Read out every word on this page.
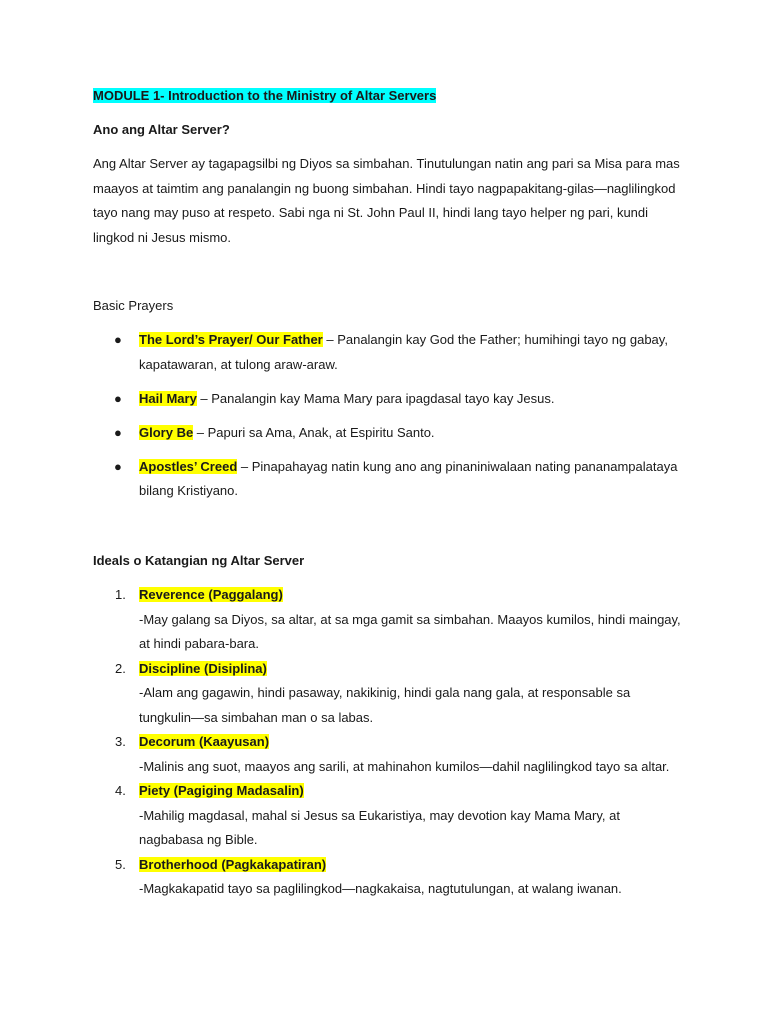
MODULE 1- Introduction to the Ministry of Altar Servers
Ano ang Altar Server?

Ang Altar Server ay tagapagsilbi ng Diyos sa simbahan. Tinutulungan natin ang pari sa Misa para mas maayos at taimtim ang panalangin ng buong simbahan. Hindi tayo nagpapakitang-gilas—naglilingkod tayo nang may puso at respeto. Sabi nga ni St. John Paul II, hindi lang tayo helper ng pari, kundi lingkod ni Jesus mismo.

Basic Prayers
● The Lord’s Prayer/ Our Father – Panalangin kay God the Father; humihingi tayo ng gabay, kapatawaran, at tulong araw-araw.
● Hail Mary – Panalangin kay Mama Mary para ipagdasal tayo kay Jesus.
● Glory Be – Papuri sa Ama, Anak, at Espiritu Santo.
● Apostles’ Creed – Pinapahayag natin kung ano ang pinaniniwalaan nating pananampalataya bilang Kristiyano.
Ideals o Katangian ng Altar Server
1. Reverence (Paggalang)
-May galang sa Diyos, sa altar, at sa mga gamit sa simbahan. Maayos kumilos, hindi maingay, at hindi pabara-bara.
2. Discipline (Disiplina)
-Alam ang gagawin, hindi pasaway, nakikinig, hindi gala nang gala, at responsable sa tungkulin—sa simbahan man o sa labas.
3. Decorum (Kaayusan)
-Malinis ang suot, maayos ang sarili, at mahinahon kumilos—dahil naglilingkod tayo sa altar.
4. Piety (Pagiging Madasalin)
-Mahilig magdasal, mahal si Jesus sa Eukaristiya, may devotion kay Mama Mary, at nagbabasa ng Bible.
5. Brotherhood (Pagkakapatiran)
-Magkakapatid tayo sa paglilingkod—nagkakaisa, nagtutulungan, at walang iwanan.
